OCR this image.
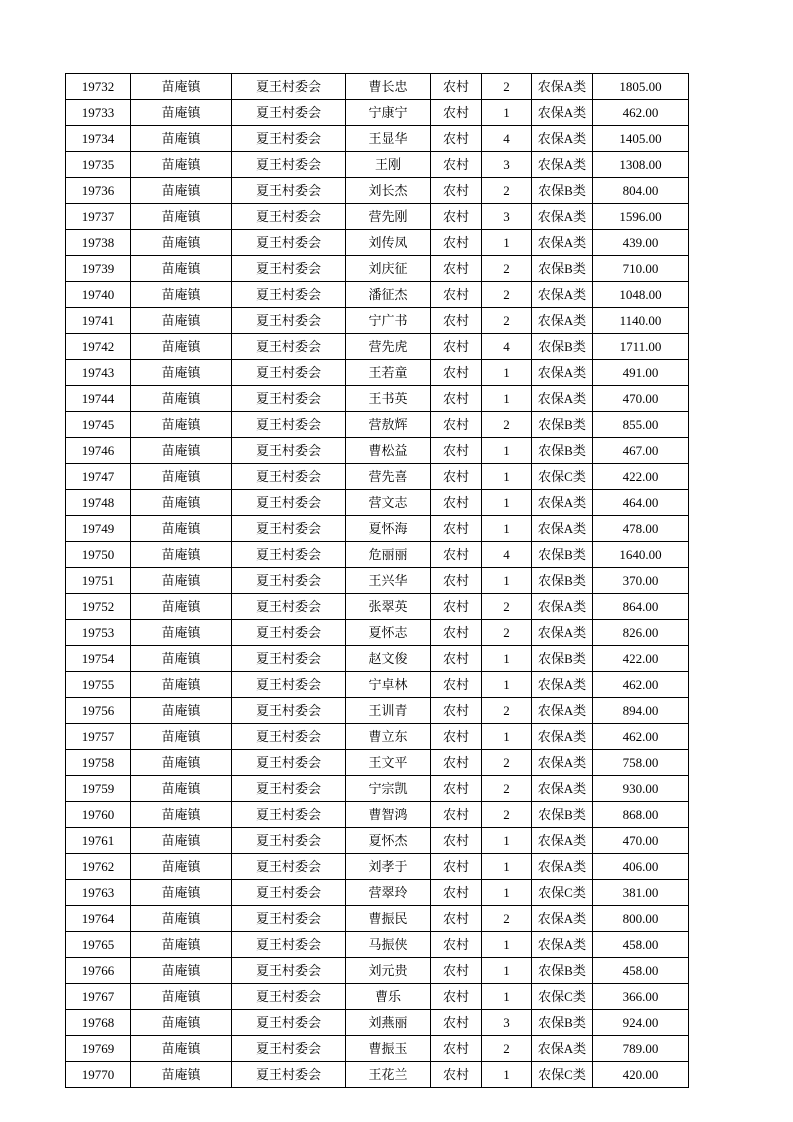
19732	苗庵镇	夏王村委会	曹长忠	农村	2	农保A类	1805.00
19733	苗庵镇	夏王村委会	宁康宁	农村	1	农保A类	462.00
19734	苗庵镇	夏王村委会	王显华	农村	4	农保A类	1405.00
19735	苗庵镇	夏王村委会	王刚	农村	3	农保A类	1308.00
19736	苗庵镇	夏王村委会	刘长杰	农村	2	农保B类	804.00
19737	苗庵镇	夏王村委会	营先刚	农村	3	农保A类	1596.00
19738	苗庵镇	夏王村委会	刘传凤	农村	1	农保A类	439.00
19739	苗庵镇	夏王村委会	刘庆征	农村	2	农保B类	710.00
19740	苗庵镇	夏王村委会	潘征杰	农村	2	农保A类	1048.00
19741	苗庵镇	夏王村委会	宁广书	农村	2	农保A类	1140.00
19742	苗庵镇	夏王村委会	营先虎	农村	4	农保B类	1711.00
19743	苗庵镇	夏王村委会	王若童	农村	1	农保A类	491.00
19744	苗庵镇	夏王村委会	王书英	农村	1	农保A类	470.00
19745	苗庵镇	夏王村委会	营敖辉	农村	2	农保B类	855.00
19746	苗庵镇	夏王村委会	曹松益	农村	1	农保B类	467.00
19747	苗庵镇	夏王村委会	营先喜	农村	1	农保C类	422.00
19748	苗庵镇	夏王村委会	营文志	农村	1	农保A类	464.00
19749	苗庵镇	夏王村委会	夏怀海	农村	1	农保A类	478.00
19750	苗庵镇	夏王村委会	危丽丽	农村	4	农保B类	1640.00
19751	苗庵镇	夏王村委会	王兴华	农村	1	农保B类	370.00
19752	苗庵镇	夏王村委会	张翠英	农村	2	农保A类	864.00
19753	苗庵镇	夏王村委会	夏怀志	农村	2	农保A类	826.00
19754	苗庵镇	夏王村委会	赵文俊	农村	1	农保B类	422.00
19755	苗庵镇	夏王村委会	宁卓林	农村	1	农保A类	462.00
19756	苗庵镇	夏王村委会	王训青	农村	2	农保A类	894.00
19757	苗庵镇	夏王村委会	曹立东	农村	1	农保A类	462.00
19758	苗庵镇	夏王村委会	王文平	农村	2	农保A类	758.00
19759	苗庵镇	夏王村委会	宁宗凯	农村	2	农保A类	930.00
19760	苗庵镇	夏王村委会	曹智鸿	农村	2	农保B类	868.00
19761	苗庵镇	夏王村委会	夏怀杰	农村	1	农保A类	470.00
19762	苗庵镇	夏王村委会	刘孝于	农村	1	农保A类	406.00
19763	苗庵镇	夏王村委会	营翠玲	农村	1	农保C类	381.00
19764	苗庵镇	夏王村委会	曹振民	农村	2	农保A类	800.00
19765	苗庵镇	夏王村委会	马振侠	农村	1	农保A类	458.00
19766	苗庵镇	夏王村委会	刘元贵	农村	1	农保B类	458.00
19767	苗庵镇	夏王村委会	曹乐	农村	1	农保C类	366.00
19768	苗庵镇	夏王村委会	刘燕丽	农村	3	农保B类	924.00
19769	苗庵镇	夏王村委会	曹振玉	农村	2	农保A类	789.00
19770	苗庵镇	夏王村委会	王花兰	农村	1	农保C类	420.00
